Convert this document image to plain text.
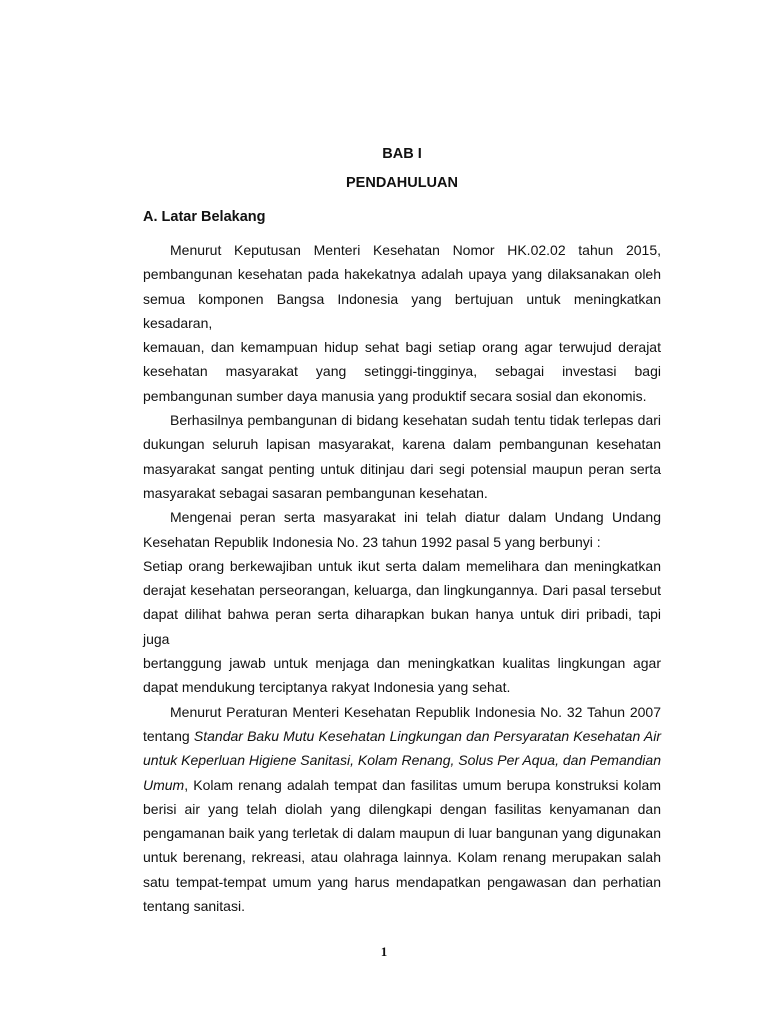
BAB I
PENDAHULUAN
A. Latar Belakang

Menurut Keputusan Menteri Kesehatan Nomor HK.02.02 tahun 2015,
pembangunan kesehatan pada hakekatnya adalah upaya yang dilaksanakan oleh
semua komponen Bangsa Indonesia yang bertujuan untuk meningkatkan kesadaran,
kemauan, dan kemampuan hidup sehat bagi setiap orang agar terwujud derajat
kesehatan masyarakat yang setinggi-tingginya, sebagai investasi bagi
pembangunan sumber daya manusia yang produktif secara sosial dan ekonomis.

Berhasilnya pembangunan di bidang kesehatan sudah tentu tidak terlepas dari
dukungan seluruh lapisan masyarakat, karena dalam pembangunan kesehatan
masyarakat sangat penting untuk ditinjau dari segi potensial maupun peran serta
masyarakat sebagai sasaran pembangunan kesehatan.

Mengenai peran serta masyarakat ini telah diatur dalam Undang Undang
Kesehatan Republik Indonesia No. 23 tahun 1992 pasal 5 yang berbunyi :

Setiap orang berkewajiban untuk ikut serta dalam memelihara dan meningkatkan
derajat kesehatan perseorangan, keluarga, dan lingkungannya. Dari pasal tersebut
dapat dilihat bahwa peran serta diharapkan bukan hanya untuk diri pribadi, tapi juga
bertanggung jawab untuk menjaga dan meningkatkan kualitas lingkungan agar
dapat mendukung terciptanya rakyat Indonesia yang sehat.

Menurut Peraturan Menteri Kesehatan Republik Indonesia No. 32 Tahun 2007
tentang Standar Baku Mutu Kesehatan Lingkungan dan Persyaratan Kesehatan Air
untuk Keperluan Higiene Sanitasi, Kolam Renang, Solus Per Aqua, dan Pemandian
Umum, Kolam renang adalah tempat dan fasilitas umum berupa konstruksi kolam
berisi air yang telah diolah yang dilengkapi dengan fasilitas kenyamanan dan
pengamanan baik yang terletak di dalam maupun di luar bangunan yang digunakan
untuk berenang, rekreasi, atau olahraga lainnya. Kolam renang merupakan salah
satu tempat-tempat umum yang harus mendapatkan pengawasan dan perhatian
tentang sanitasi.

1
